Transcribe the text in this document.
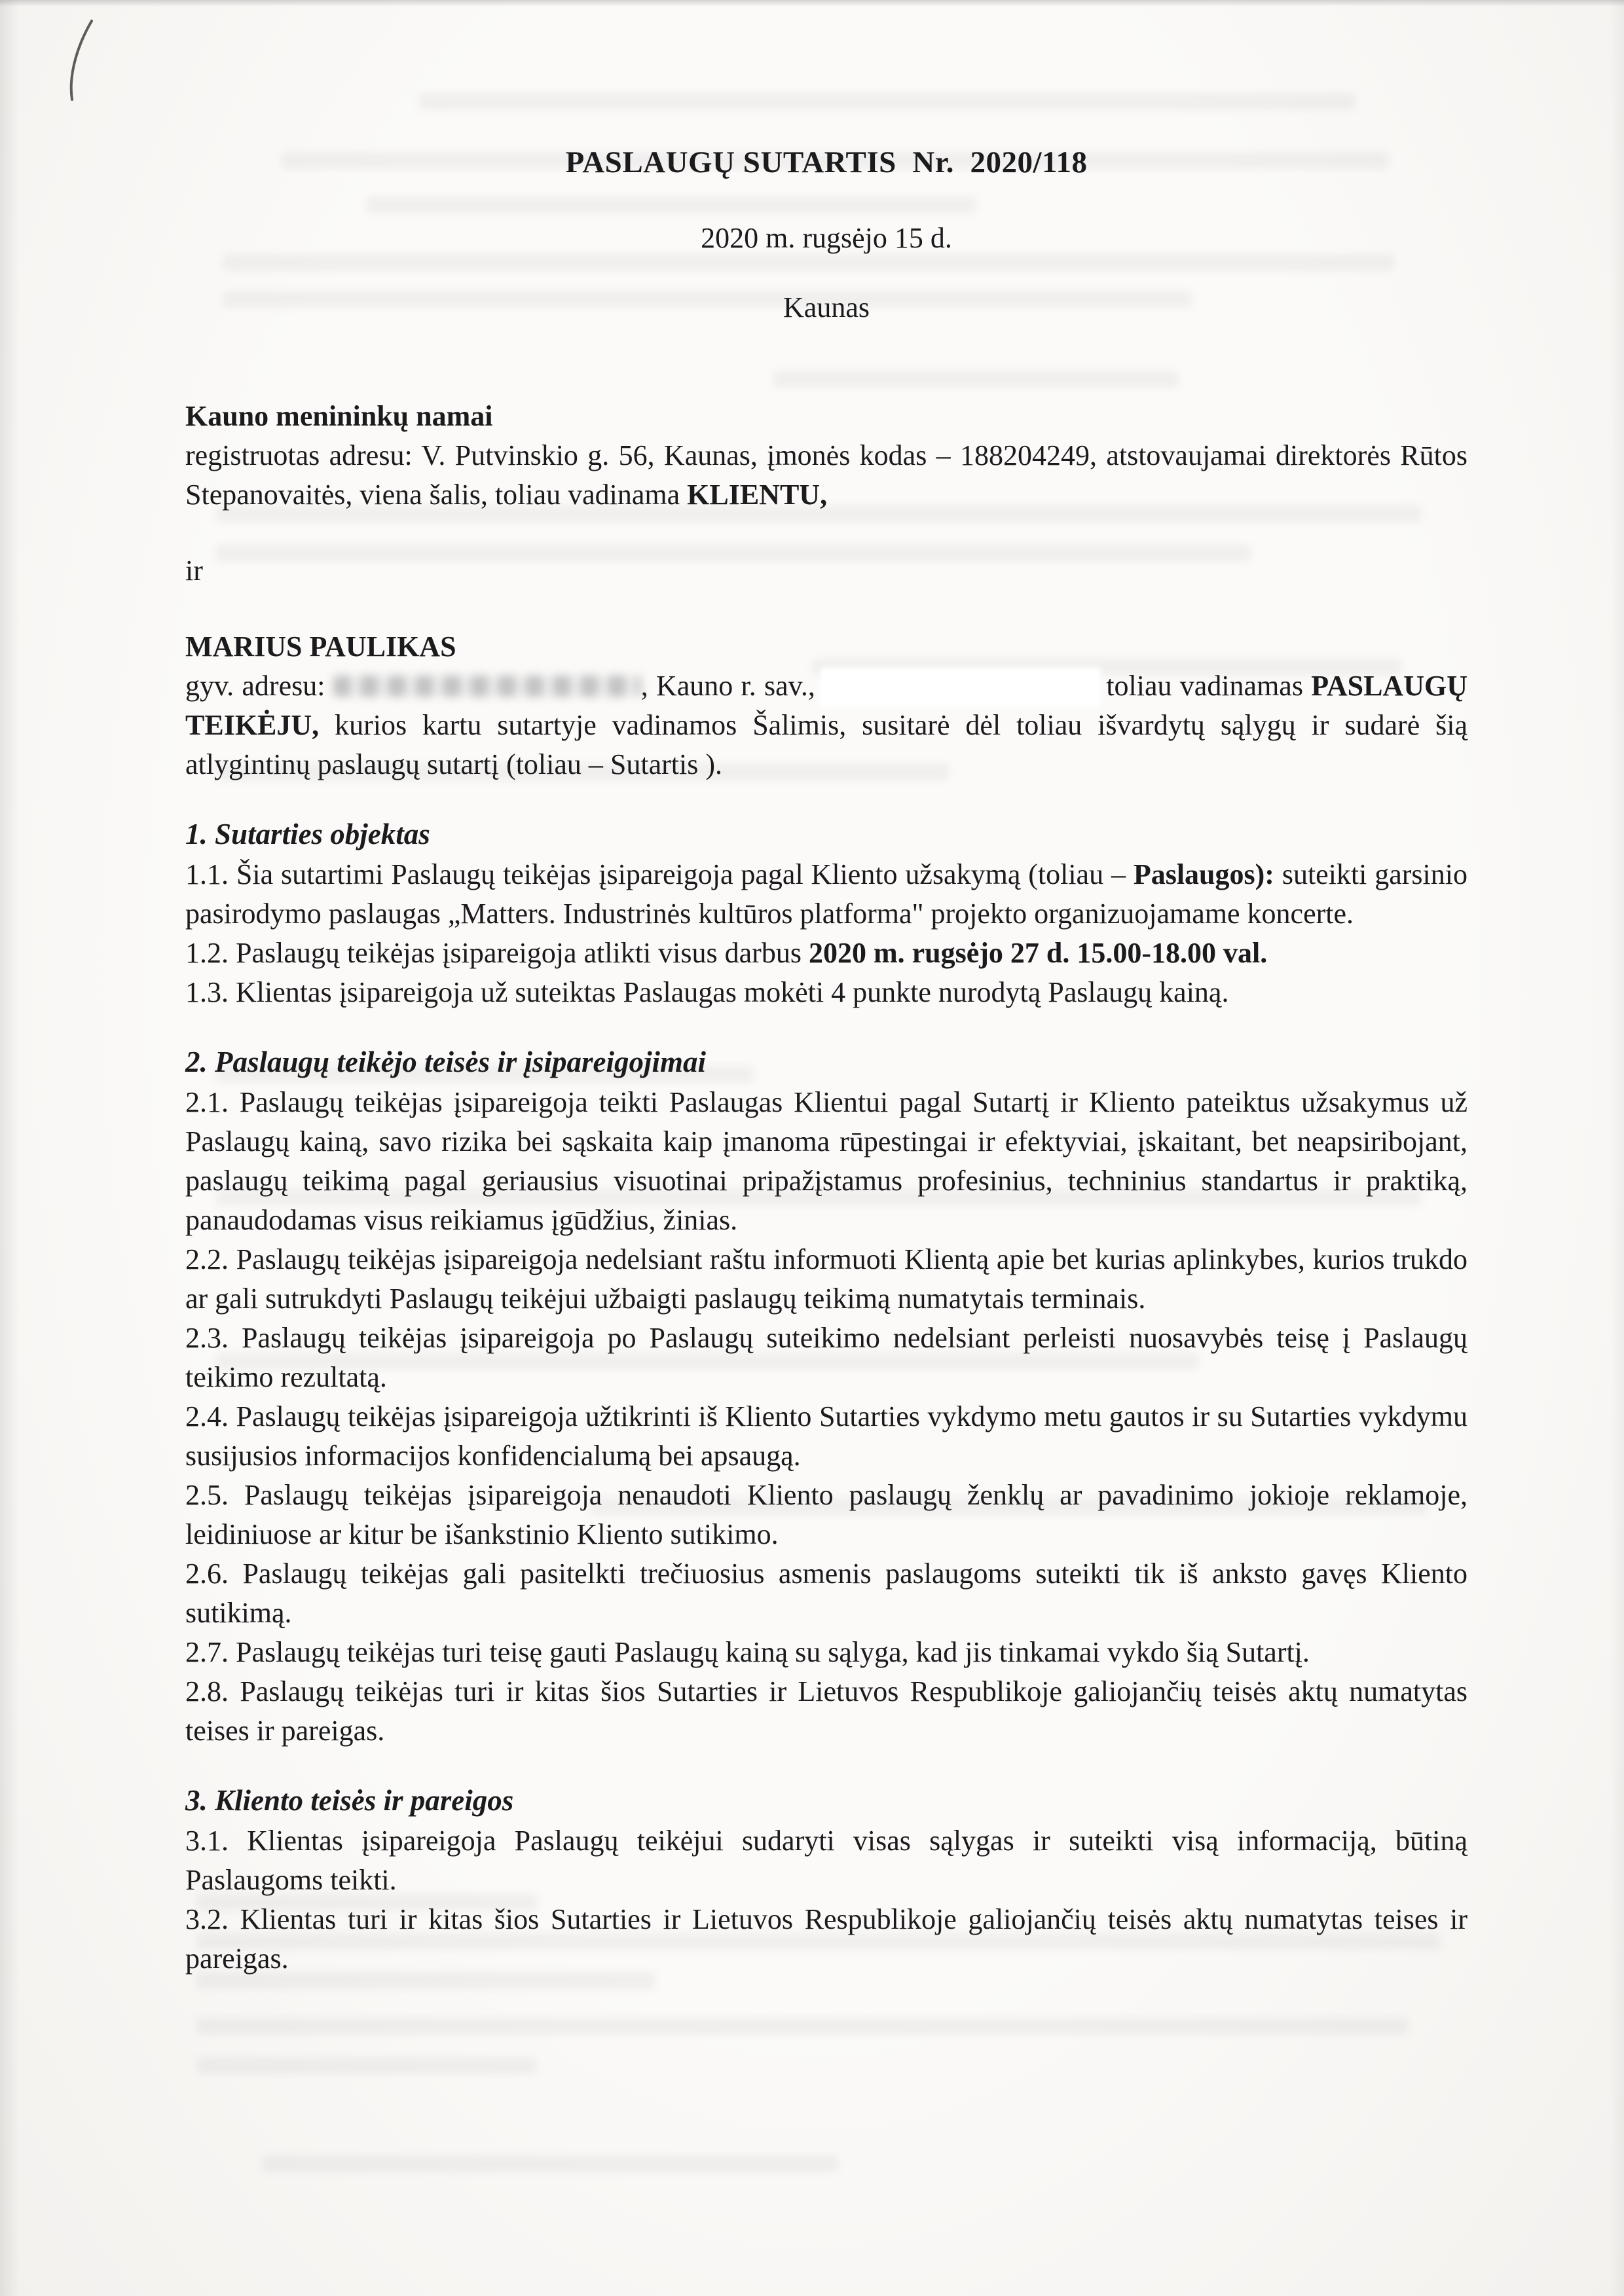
PASLAUGŲ SUTARTIS  Nr.  2020/118

2020 m. rugsėjo 15 d.

Kaunas

Kauno menininkų namai

registruotas adresu: V. Putvinskio g. 56, Kaunas, įmonės kodas – 188204249, atstovaujamai direktorės Rūtos Stepanovaitės, viena šalis, toliau vadinama KLIENTU,

ir

MARIUS PAULIKAS

gyv. adresu:	, Kauno r. sav.,	toliau vadinamas PASLAUGŲ TEIKĖJU, kurios kartu sutartyje vadinamos Šalimis, susitarė dėl toliau išvardytų sąlygų ir sudarė šią atlygintinų paslaugų sutartį (toliau – Sutartis ).

1. Sutarties objektas

1.1. Šia sutartimi Paslaugų teikėjas įsipareigoja pagal Kliento užsakymą (toliau – Paslaugos): suteikti garsinio pasirodymo paslaugas „Matters. Industrinės kultūros platforma" projekto organizuojamame koncerte.

1.2. Paslaugų teikėjas įsipareigoja atlikti visus darbus 2020 m. rugsėjo 27 d. 15.00-18.00 val.

1.3. Klientas įsipareigoja už suteiktas Paslaugas mokėti 4 punkte nurodytą Paslaugų kainą.

2. Paslaugų teikėjo teisės ir įsipareigojimai

2.1. Paslaugų teikėjas įsipareigoja teikti Paslaugas Klientui pagal Sutartį ir Kliento pateiktus užsakymus už Paslaugų kainą, savo rizika bei sąskaita kaip įmanoma rūpestingai ir efektyviai, įskaitant, bet neapsiribojant, paslaugų teikimą pagal geriausius visuotinai pripažįstamus profesinius, techninius standartus ir praktiką, panaudodamas visus reikiamus įgūdžius, žinias.

2.2. Paslaugų teikėjas įsipareigoja nedelsiant raštu informuoti Klientą apie bet kurias aplinkybes, kurios trukdo ar gali sutrukdyti Paslaugų teikėjui užbaigti paslaugų teikimą numatytais terminais.

2.3. Paslaugų teikėjas įsipareigoja po Paslaugų suteikimo nedelsiant perleisti nuosavybės teisę į Paslaugų teikimo rezultatą.

2.4. Paslaugų teikėjas įsipareigoja užtikrinti iš Kliento Sutarties vykdymo metu gautos ir su Sutarties vykdymu susijusios informacijos konfidencialumą bei apsaugą.

2.5. Paslaugų teikėjas įsipareigoja nenaudoti Kliento paslaugų ženklų ar pavadinimo jokioje reklamoje, leidiniuose ar kitur be išankstinio Kliento sutikimo.

2.6. Paslaugų teikėjas gali pasitelkti trečiuosius asmenis paslaugoms suteikti tik iš anksto gavęs Kliento sutikimą.

2.7. Paslaugų teikėjas turi teisę gauti Paslaugų kainą su sąlyga, kad jis tinkamai vykdo šią Sutartį.

2.8. Paslaugų teikėjas turi ir kitas šios Sutarties ir Lietuvos Respublikoje galiojančių teisės aktų numatytas teises ir pareigas.

3. Kliento teisės ir pareigos

3.1. Klientas įsipareigoja Paslaugų teikėjui sudaryti visas sąlygas ir suteikti visą informaciją, būtiną Paslaugoms teikti.

3.2. Klientas turi ir kitas šios Sutarties ir Lietuvos Respublikoje galiojančių teisės aktų numatytas teises ir pareigas.
